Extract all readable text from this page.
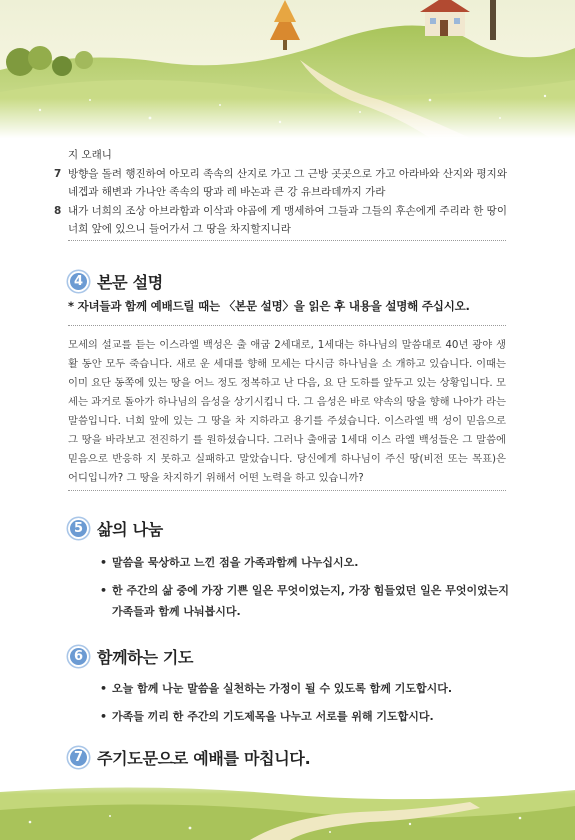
지 오래니
7 방향을 돌려 행진하여 아모리 족속의 산지로 가고 그 근방 곳곳으로 가고 아라바와 산지와 평지와 네겝과 해변과 가나안 족속의 땅과 레 바논과 큰 강 유브라데까지 가라
8 내가 너희의 조상 아브라함과 이삭과 야곱에 게 맹세하여 그들과 그들의 후손에게 주리라 한 땅이 너희 앞에 있으니 들어가서 그 땅을 차지할지니라
4 본문 설명
* 자녀들과 함께 예배드릴 때는 〈본문 설명〉을 읽은 후 내용을 설명해 주십시오.
모세의 설교를 듣는 이스라엘 백성은 출 애굽 2세대로, 1세대는 하나님의 말씀대로 40년 광야 생활 동안 모두 죽습니다. 새로 운 세대를 향해 모세는 다시금 하나님을 소 개하고 있습니다. 이때는 이미 요단 동쪽에 있는 땅을 어느 정도 정복하고 난 다음, 요 단 도하를 앞두고 있는 상황입니다. 모세는 과거로 돌아가 하나님의 음성을 상기시킵니 다. 그 음성은 바로 약속의 땅을 향해 나아가 라는 말씀입니다. 너희 앞에 있는 그 땅을 차 지하라고 용기를 주셨습니다. 이스라엘 백 성이 믿음으로 그 땅을 바라보고 전진하기 를 원하셨습니다. 그러나 출애굽 1세대 이스 라엘 백성들은 그 말씀에 믿음으로 반응하 지 못하고 실패하고 말았습니다. 당신에게 하나님이 주신 땅(비전 또는 목표)은 어디입니까? 그 땅을 차지하기 위해서 어떤 노력을 하고 있습니까?
5 삶의 나눔
• 말씀을 묵상하고 느낀 점을 가족과함께 나누십시오.
• 한 주간의 삶 중에 가장 기쁜 일은 무엇이었는지, 가장 힘들었던 일은 무엇이었는지 가족들과 함께 나눠봅시다.
6 함께하는 기도
• 오늘 함께 나눈 말씀을 실천하는 가정이 될 수 있도록 함께 기도합시다.
• 가족들 끼리 한 주간의 기도제목을 나누고 서로를 위해 기도합시다.
7 주기도문으로 예배를 마칩니다.
